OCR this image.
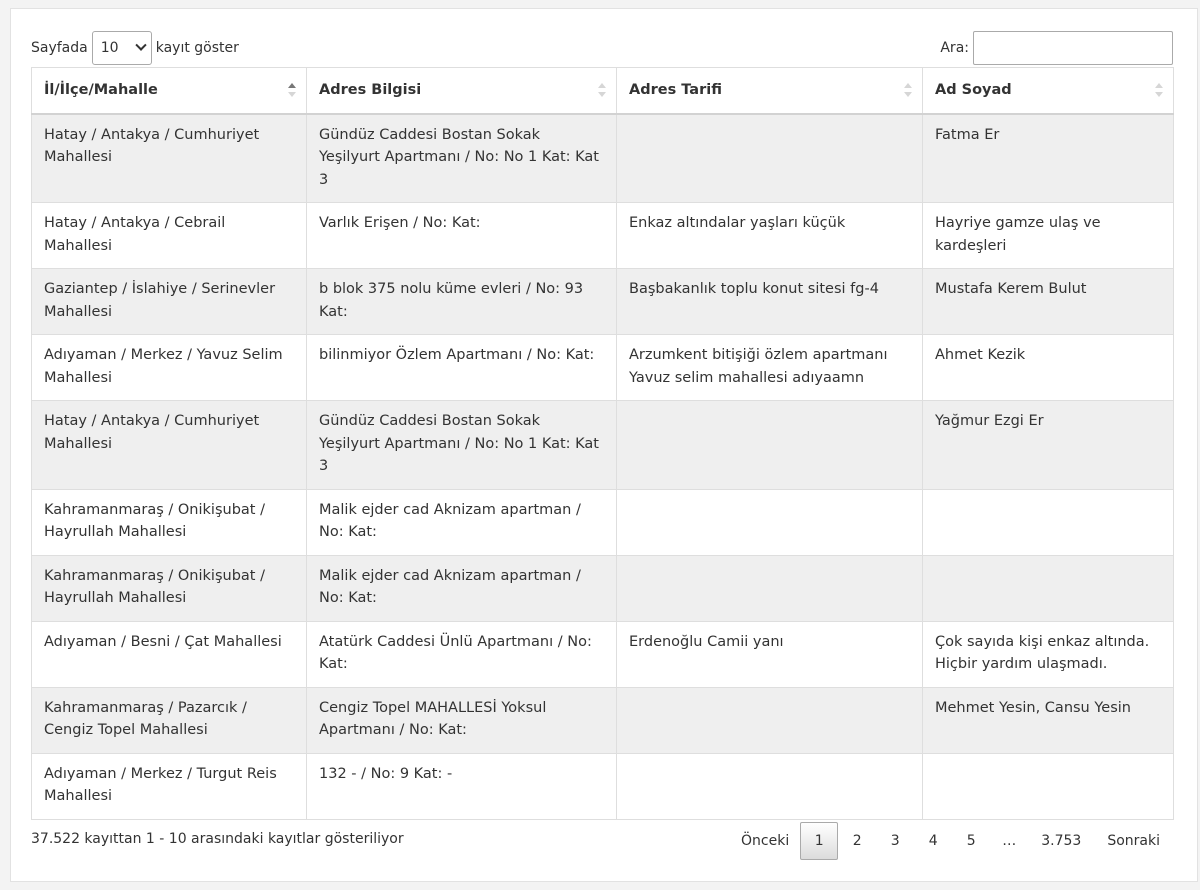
Sayfada 10	kayıt göster	Ara:
İl/İlçe/Mahalle	Adres Bilgisi	Adres Tarifi	Ad Soyad

Hatay / Antakya / Cumhuriyet Mahallesi	Gündüz Caddesi Bostan Sokak Yeşilyurt Apartmanı / No: No 1 Kat: Kat 3		Fatma Er
Hatay / Antakya / Cebrail Mahallesi	Varlık Erişen / No: Kat:	Enkaz altındalar yaşları küçük	Hayriye gamze ulaş ve kardeşleri
Gaziantep / İslahiye / Serinevler Mahallesi	b blok 375 nolu küme evleri / No: 93 Kat:	Başbakanlık toplu konut sitesi fg-4	Mustafa Kerem Bulut
Adıyaman / Merkez / Yavuz Selim Mahallesi	bilinmiyor Özlem Apartmanı / No: Kat:	Arzumkent bitişiği özlem apartmanı Yavuz selim mahallesi adıyaamn	Ahmet Kezik
Hatay / Antakya / Cumhuriyet Mahallesi	Gündüz Caddesi Bostan Sokak Yeşilyurt Apartmanı / No: No 1 Kat: Kat 3		Yağmur Ezgi Er
Kahramanmaraş / Onikişubat / Hayrullah Mahallesi	Malik ejder cad Aknizam apartman / No: Kat:		
Kahramanmaraş / Onikişubat / Hayrullah Mahallesi	Malik ejder cad Aknizam apartman / No: Kat:		
Adıyaman / Besni / Çat Mahallesi	Atatürk Caddesi Ünlü Apartmanı / No: Kat:	Erdenoğlu Camii yanı	Çok sayıda kişi enkaz altında. Hiçbir yardım ulaşmadı.
Kahramanmaraş / Pazarcık / Cengiz Topel Mahallesi	Cengiz Topel MAHALLESİ Yoksul Apartmanı / No: Kat:		Mehmet Yesin, Cansu Yesin
Adıyaman / Merkez / Turgut Reis Mahallesi	132 - / No: 9 Kat: -		
37.522 kayıttan 1 - 10 arasındaki kayıtlar gösteriliyor	Önceki	1	2	3	4	5	…	3.753	Sonraki
